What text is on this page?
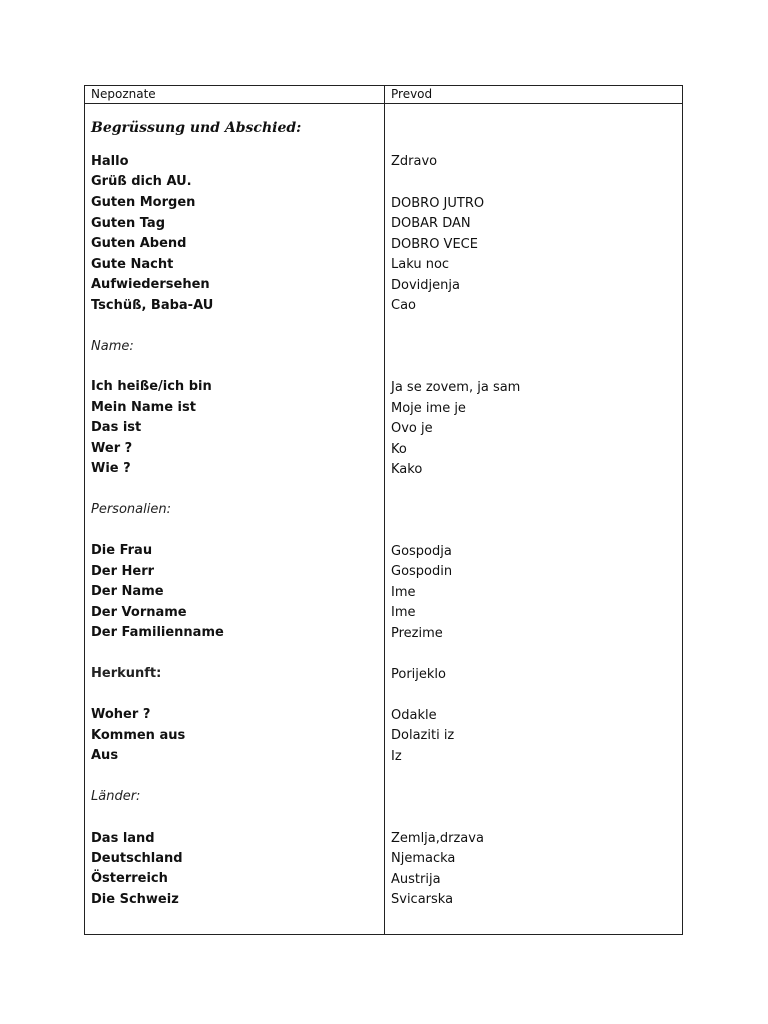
Nepoznate	Prevod
Begrüssung und Abschied:
Hallo	Zdravo
Grüß dich AU.
Guten Morgen	DOBRO JUTRO
Guten Tag	DOBAR DAN
Guten Abend	DOBRO VECE
Gute Nacht	Laku noc
Aufwiedersehen	Dovidjenja
Tschüß, Baba-AU	Cao
Name:
Ich heiße/ich bin	Ja se zovem, ja sam
Mein Name ist	Moje ime je
Das ist	Ovo je
Wer ?	Ko
Wie ?	Kako
Personalien:
Die Frau	Gospodja
Der Herr	Gospodin
Der Name	Ime
Der Vorname	Ime
Der Familienname	Prezime
Herkunft:	Porijeklo
Woher ?	Odakle
Kommen aus	Dolaziti iz
Aus	Iz
Länder:
Das land	Zemlja,drzava
Deutschland	Njemacka
Österreich	Austrija
Die Schweiz	Svicarska
